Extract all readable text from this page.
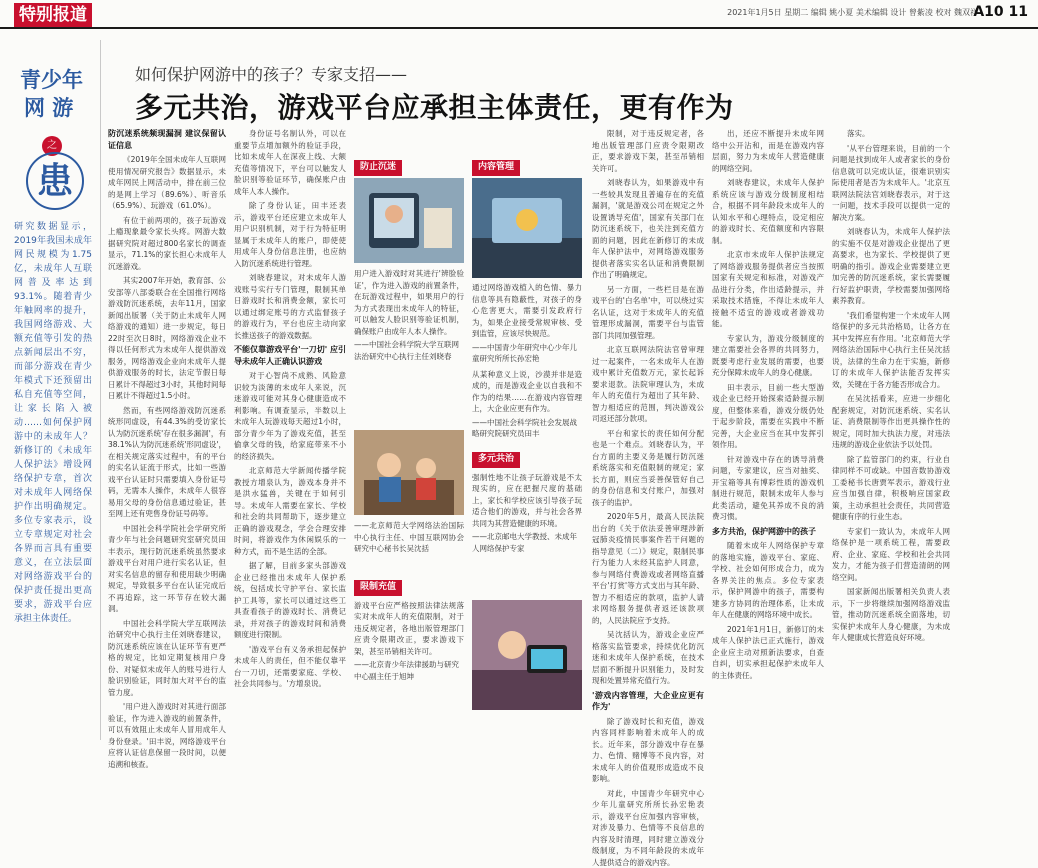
特别报道	2021年1月5日 星期二 编辑 姚小夏 美术编辑 设计 曾紫凌 校对 魏双祥
A10 11
青少年
网 游
之
患
研究数据显示，2019年我国未成年网民规模为1.75亿，未成年人互联网普及率达到93.1%。随着青少年触网率的提升，我国网络游戏、大额充值等引发的热点新闻层出不穷，而部分游戏在青少年模式下还预留出私自充值等空间，让家长陷入被动……如何保护网游中的未成年人？新修订的《未成年人保护法》增设网络保护专章，首次对未成年人网络保护作出明确规定。多位专家表示，设立专章规定对社会各界而言具有重要意义，在立法层面对网络游戏平台的保护责任提出更高要求，游戏平台应承担主体责任。
如何保护网游中的孩子？专家支招——
多元共治，游戏平台应承担主体责任，更有作为

防沉迷系统频现漏洞 建议保留认证信息

《2019年全国未成年人互联网使用情况研究报告》数据显示，未成年网民上网活动中，排在前三位的是网上学习（89.6%）、听音乐（65.9%）、玩游戏（61.0%）。

有位于前两项的，孩子玩游戏上瘾现象最令家长头疼。网游大数据研究院对超过800名家长的调查显示，71.1%的家长担心未成年人沉迷游戏。

其实2007年开始，教育部、公安部等八部委联合在全国推行网络游戏防沉迷系统，去年11月，国家新闻出版署（关于防止未成年人网络游戏的通知）进一步规定，每日22时至次日8时，网络游戏企业不得以任何形式为未成年人提供游戏服务，网络游戏企业向未成年人提供游戏服务的时长，法定节假日每日累计不得超过3小时，其他时间每日累计不得超过1.5小时。

然而，有些网络游戏防沉迷系统形同虚设，有44.3%的受访家长认为防沉迷系统'存在很多漏洞'，有38.1%认为防沉迷系统'形同虚设'，在相关规定落实过程中，有的平台的实名认证流于形式，比如一些游戏平台认证时只需要填入身份证号码，无需本人操作，未成年人很容易用父母的身份信息通过验证，甚至网上还有兜售身份证号码等。

中国社会科学院社会学研究所青少年与社会问题研究室研究员田丰表示，现行防沉迷系统虽然要求游戏平台对用户进行实名认证，但对实名信息的留存和使用缺少明确规定，导致很多平台在认证完成后不再追踪，这一环节存在较大漏洞。

中国社会科学院大学互联网法治研究中心执行主任刘晓春建议，防沉迷系统应该在认证环节有更严格的规定，比如定期复核用户身份、对疑似未成年人的账号进行人脸识别验证，同时加大对平台的监管力度。

'用户进入游戏时对其进行面部验证，作为进入游戏的前置条件，可以有效阻止未成年人冒用成年人身份登录。'田丰说，网络游戏平台应将认证信息保留一段时间，以便追溯和核查。

身份证号名制认外，可以在重要节点增加额外的验证手段，比如未成年人在深夜上线、大额充值等情况下，平台可以触发人脸识别等验证环节，确保账户由成年人本人操作。

除了身份认证，田丰还表示，游戏平台还应建立未成年人用户识别机制，对于行为特征明显属于未成年人的账户，即使使用成年人身份信息注册，也应纳入防沉迷系统进行管理。

刘晓春建议，对未成年人游戏账号实行专门管理，限制其单日游戏时长和消费金额，家长可以通过绑定账号的方式监督孩子的游戏行为，平台也应主动向家长推送孩子的游戏数据。

不能仅靠游戏平台'一刀切' 应引导未成年人正确认识游戏

对于心智尚不成熟、风险意识较为淡薄的未成年人来说，沉迷游戏可能对其身心健康造成不利影响。有调查显示，半数以上未成年人玩游戏每天超过1小时，部分青少年为了游戏充值，甚至偷拿父母的钱，给家庭带来不小的经济损失。

北京师范大学新闻传播学院教授方增泉认为，游戏本身并不是洪水猛兽，关键在于如何引导。未成年人需要在家长、学校和社会的共同帮助下，逐步建立正确的游戏观念，学会合理安排时间，将游戏作为休闲娱乐的一种方式，而不是生活的全部。

据了解，目前多家头部游戏企业已经推出未成年人保护系统，包括成长守护平台、家长监护工具等，家长可以通过这些工具查看孩子的游戏时长、消费记录，并对孩子的游戏时间和消费额度进行限制。

'游戏平台有义务承担起保护未成年人的责任，但不能仅靠平台一刀切，还需要家庭、学校、社会共同参与。'方增泉说。

防止沉迷
用户进入游戏时对其进行'辨脸验证'，作为进入游戏的前置条件，在玩游戏过程中，如果用户的行为方式表现出未成年人的特征，可以触发人脸识别等验证机制，确保账户由成年人本人操作。
——中国社会科学院大学互联网法治研究中心执行主任刘晓春
——北京师范大学网络法治国际中心执行主任、中国互联网协会研究中心秘书长吴沈括
限制充值
游戏平台应严格按照法律法规落实对未成年人的充值限制，对于违反规定者，各地出版管理部门应责令限期改正，要求游戏下架，甚至吊销相关许可。
——北京青少年法律援助与研究中心副主任于旭坤
内容管理
通过网络游戏植入的色情、暴力信息等具有隐蔽性，对孩子的身心危害更大，需要引发政府行为，如果企业接受常规审核、受到监管，应该尽快规范。
——中国青少年研究中心少年儿童研究所所长孙宏艳
从某种意义上说，沙漠并非是造成的，而是游戏企业以自我和不作为的结果……在游戏内容管理上，大企业应更有作为。
——中国社会科学院社会发展战略研究院研究员田丰
多元共治
强制性地不让孩子玩游戏是不太现实的，应在把握尺度的基础上，家长和学校应该引导孩子玩适合他们的游戏，并与社会各界共同为其营造健康的环境。
——北京邮电大学教授、未成年人网络保护专家

限制，对于违反规定者，各地出版管理部门应责令限期改正，要求游戏下架，甚至吊销相关许可。

刘晓春认为，如果游戏中有一些较具发现且普遍存在的充值漏洞，'就是游戏公司在规定之外设置诱导充值'，国家有关部门在防沉迷系统下，也关注到充值方面的问题，因此在新修订的未成年人保护法中，对网络游戏服务提供者落实实名认证和消费限制作出了明确规定。

另一方面，一些栏目是在游戏平台的'白名单'中，可以绕过实名认证，这对于未成年人的充值管理形成漏洞，需要平台与监管部门共同加强管理。

北京互联网法院法官曾审理过一起案件，一名未成年人在游戏中累计充值数万元，家长起诉要求退款。法院审理认为，未成年人的充值行为超出了其年龄、智力相适应的范围，判决游戏公司返还部分款项。

平台和家长的责任如何分配也是一个难点。刘晓春认为，平台方面的主要义务是履行防沉迷系统落实和充值限制的规定；家长方面，则应当妥善保管好自己的身份信息和支付账户，加强对孩子的监护。

2020年5月，最高人民法院出台的《关于依法妥善审理涉新冠肺炎疫情民事案件若干问题的指导意见（二）》规定，限制民事行为能力人未经其监护人同意，参与网络付费游戏或者网络直播平台'打赏'等方式支出与其年龄、智力不相适应的款项，监护人请求网络服务提供者返还该款项的，人民法院应予支持。

吴沈括认为，游戏企业应严格落实监管要求，持续优化防沉迷和未成年人保护系统，在技术层面不断提升识别能力，及时发现和处置异常充值行为。

'游戏内容管理，大企业应更有作为'

除了游戏时长和充值，游戏内容同样影响着未成年人的成长。近年来，部分游戏中存在暴力、色情、赌博等不良内容，对未成年人的价值观形成造成不良影响。

对此，中国青少年研究中心少年儿童研究所所长孙宏艳表示，游戏平台应加强内容审核，对涉及暴力、色情等不良信息的内容及时清理，同时建立游戏分级制度，为不同年龄段的未成年人提供适合的游戏内容。

出，还应不断提升未成年网络中公开沾和，而是在游戏内容层面，努力为未成年人营造健康的网络空间。

刘晓春建议，未成年人保护系统应该与游戏分级制度相结合，根据不同年龄段未成年人的认知水平和心理特点，设定相应的游戏时长、充值额度和内容限制。

北京市未成年人保护法规定了网络游戏服务提供者应当按照国家有关规定和标准，对游戏产品进行分类，作出适龄提示，并采取技术措施，不得让未成年人接触不适宜的游戏或者游戏功能。

专家认为，游戏分级制度的建立需要社会各界的共同努力，既要考虑行业发展的需要，也要充分保障未成年人的身心健康。

田丰表示，目前一些大型游戏企业已经开始探索适龄提示制度，但整体来看，游戏分级仍处于起步阶段，需要在实践中不断完善，大企业应当在其中发挥引领作用。

针对游戏中存在的诱导消费问题，专家建议，应当对抽奖、开宝箱等具有博彩性质的游戏机制进行规范，限制未成年人参与此类活动，避免其养成不良的消费习惯。

多方共治，保护网游中的孩子

随着未成年人网络保护专章的落地实施，游戏平台、家庭、学校、社会如何形成合力，成为各界关注的焦点。多位专家表示，保护网游中的孩子，需要构建多方协同的治理体系，让未成年人在健康的网络环境中成长。

2021年1月1日，新修订的未成年人保护法已正式施行，游戏企业应主动对照新法要求，自查自纠，切实承担起保护未成年人的主体责任。

落实。

'从平台管理来说，目前的一个问题是找到成年人或者家长的身份信息就可以完成认证，很难识别实际使用者是否为未成年人。'北京互联网法院法官刘晓春表示，对于这一问题，技术手段可以提供一定的解决方案。

刘晓春认为，未成年人保护法的实施不仅是对游戏企业提出了更高要求，也为家长、学校提供了更明确的指引。游戏企业需要建立更加完善的防沉迷系统，家长需要履行好监护职责，学校需要加强网络素养教育。

'我们希望构建一个未成年人网络保护的多元共治格局，让各方在其中发挥应有作用。'北京师范大学网络法治国际中心执行主任吴沈括说，法律的生命力在于实施，新修订的未成年人保护法能否发挥实效，关键在于各方能否形成合力。

在吴沈括看来，应进一步细化配套规定，对防沉迷系统、实名认证、消费限制等作出更具操作性的规定，同时加大执法力度，对违法违规的游戏企业依法予以处罚。

除了监管部门的约束，行业自律同样不可或缺。中国音数协游戏工委秘书长唐贾军表示，游戏行业应当加强自律，积极响应国家政策，主动承担社会责任，共同营造健康有序的行业生态。

专家们一致认为，未成年人网络保护是一项系统工程，需要政府、企业、家庭、学校和社会共同发力，才能为孩子们营造清朗的网络空间。

国家新闻出版署相关负责人表示，下一步将继续加强网络游戏监管，推动防沉迷系统全面落地，切实保护未成年人身心健康，为未成年人健康成长营造良好环境。
